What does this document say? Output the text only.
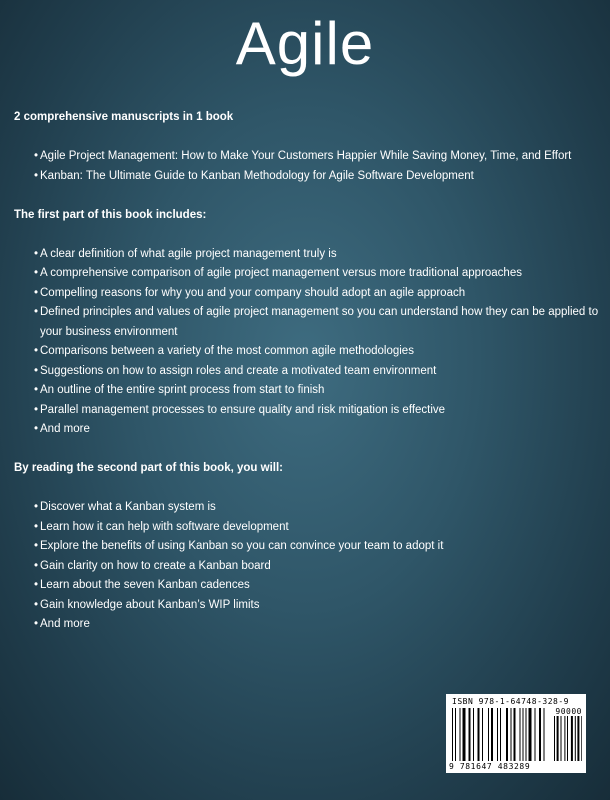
Agile
2 comprehensive manuscripts in 1 book
• Agile Project Management: How to Make Your Customers Happier While Saving Money, Time, and Effort
• Kanban: The Ultimate Guide to Kanban Methodology for Agile Software Development
The first part of this book includes:
• A clear definition of what agile project management truly is
• A comprehensive comparison of agile project management versus more traditional approaches
• Compelling reasons for why you and your company should adopt an agile approach
• Defined principles and values of agile project management so you can understand how they can be applied to your business environment
• Comparisons between a variety of the most common agile methodologies
• Suggestions on how to assign roles and create a motivated team environment
• An outline of the entire sprint process from start to finish
• Parallel management processes to ensure quality and risk mitigation is effective
• And more
By reading the second part of this book, you will:
• Discover what a Kanban system is
• Learn how it can help with software development
• Explore the benefits of using Kanban so you can convince your team to adopt it
• Gain clarity on how to create a Kanban board
• Learn about the seven Kanban cadences
• Gain knowledge about Kanban’s WIP limits
• And more
ISBN 978-1-64748-328-9
90000
9 781647 483289
